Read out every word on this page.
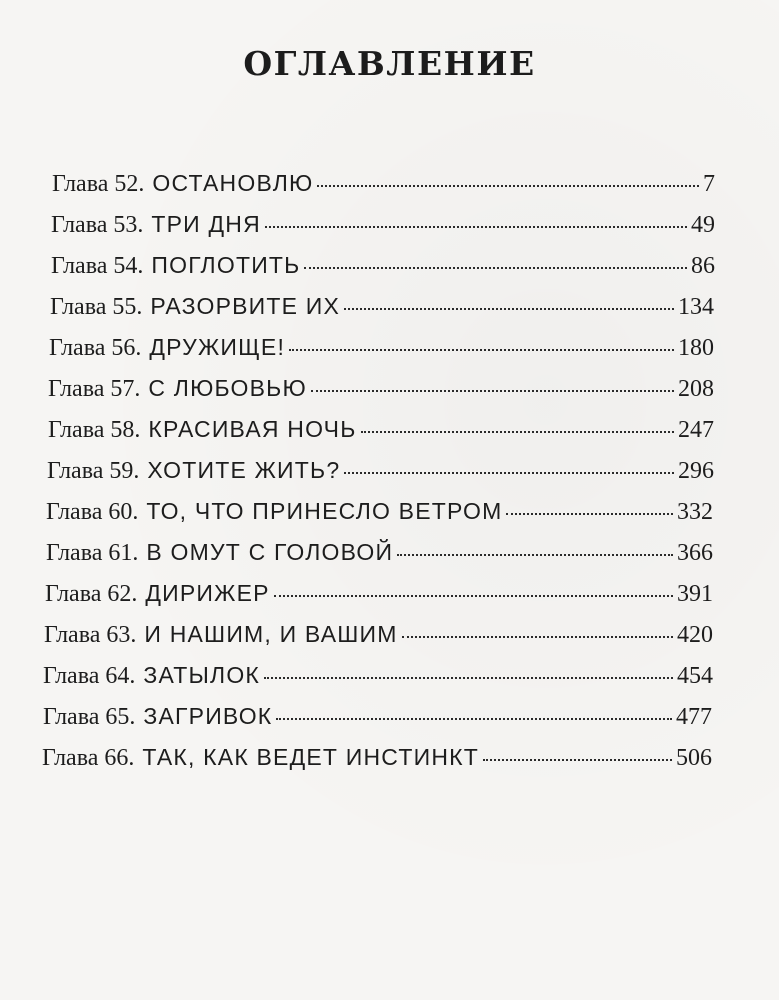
ОГЛАВЛЕНИЕ
Глава 52. ОСТАНОВЛЮ	7
Глава 53. ТРИ ДНЯ	49
Глава 54. ПОГЛОТИТЬ	86
Глава 55. РАЗОРВИТЕ ИХ	134
Глава 56. ДРУЖИЩЕ!	180
Глава 57. С ЛЮБОВЬЮ	208
Глава 58. КРАСИВАЯ НОЧЬ	247
Глава 59. ХОТИТЕ ЖИТЬ?	296
Глава 60. ТО, ЧТО ПРИНЕСЛО ВЕТРОМ	332
Глава 61. В ОМУТ С ГОЛОВОЙ	366
Глава 62. ДИРИЖЕР	391
Глава 63. И НАШИМ, И ВАШИМ	420
Глава 64. ЗАТЫЛОК	454
Глава 65. ЗАГРИВОК	477
Глава 66. ТАК, КАК ВЕДЕТ ИНСТИНКТ	506
